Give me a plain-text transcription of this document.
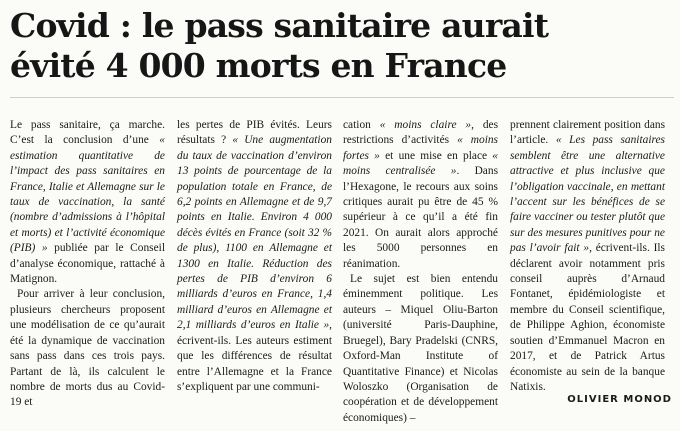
Covid : le pass sanitaire aurait
évité 4 000 morts en France

Le pass sanitaire, ça marche. C’est la conclusion d’une « estimation quantitative de l’impact des pass sanitaires en France, Italie et Allemagne sur le taux de vaccination, la santé (nombre d’admissions à l’hôpital et morts) et l’activité économique (PIB) » publiée par le Conseil d’analyse économique, rattaché à Matignon.

Pour arriver à leur conclusion, plusieurs chercheurs proposent une modélisation de ce qu’aurait été la dynamique de vaccination sans pass dans ces trois pays. Partant de là, ils calculent le nombre de morts dus au Covid-19 et

les pertes de PIB évités. Leurs résultats ? « Une augmentation du taux de vaccination d’environ 13 points de pourcentage de la population totale en France, de 6,2 points en Allemagne et de 9,7 points en Italie. Environ 4 000 décès évités en France (soit 32 % de plus), 1100 en Allemagne et 1300 en Italie. Réduction des pertes de PIB d’environ 6 milliards d’euros en France, 1,4 milliard d’euros en Allemagne et 2,1 milliards d’euros en Italie », écrivent-ils. Les auteurs estiment que les différences de résultat entre l’Allemagne et la France s’expliquent par une communi-

cation « moins claire », des restrictions d’activités « moins fortes » et une mise en place « moins centralisée ». Dans l’Hexagone, le recours aux soins critiques aurait pu être de 45 % supérieur à ce qu’il a été fin 2021. On aurait alors approché les 5000 personnes en réanimation.

Le sujet est bien entendu éminemment politique. Les auteurs – Miquel Oliu-Barton (université Paris-Dauphine, Bruegel), Bary Pradelski (CNRS, Oxford-Man Institute of Quantitative Finance) et Nicolas Woloszko (Organisation de coopération et de développement économiques) –

prennent clairement position dans l’article. « Les pass sanitaires semblent être une alternative attractive et plus inclusive que l’obligation vaccinale, en mettant l’accent sur les bénéfices de se faire vacciner ou tester plutôt que sur des mesures punitives pour ne pas l’avoir fait », écrivent-ils. Ils déclarent avoir notamment pris conseil auprès d’Arnaud Fontanet, épidémiologiste et membre du Conseil scientifique, de Philippe Aghion, économiste soutien d’Emmanuel Macron en 2017, et de Patrick Artus économiste au sein de la banque Natixis.

OLIVIER MONOD
